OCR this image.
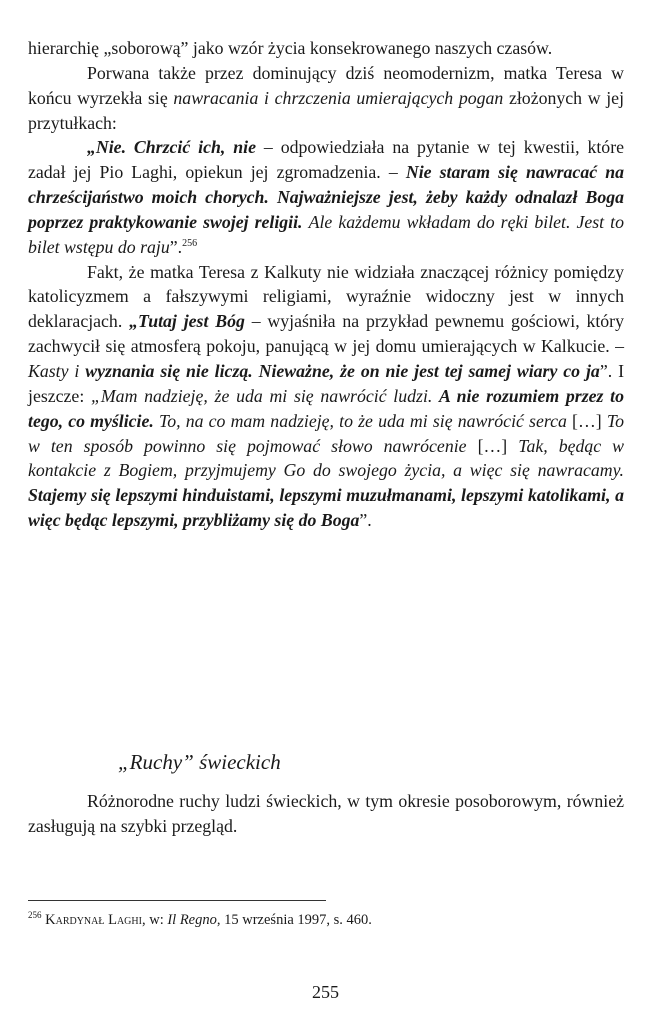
hierarchię „soborową” jako wzór życia konsekrowanego naszych czasów.

Porwana także przez dominujący dziś neomodernizm, matka Teresa w końcu wyrzekła się nawracania i chrzczenia umierających pogan złożonych w jej przytułkach:

„Nie. Chrzcić ich, nie – odpowiedziała na pytanie w tej kwestii, które zadał jej Pio Laghi, opiekun jej zgromadzenia. – Nie staram się nawracać na chrześcijaństwo moich chorych. Najważniejsze jest, żeby każdy odnalazł Boga poprzez praktykowanie swojej religii. Ale każdemu wkładam do ręki bilet. Jest to bilet wstępu do raju”.$^{256}$

Fakt, że matka Teresa z Kalkuty nie widziała znaczącej różnicy pomiędzy katolicyzmem a fałszywymi religiami, wyraźnie widoczny jest w innych deklaracjach. „Tutaj jest Bóg – wyjaśniła na przykład pewnemu gościowi, który zachwycił się atmosferą pokoju, panującą w jej domu umierających w Kalkucie. – Kasty i wyznania się nie liczą. Nieważne, że on nie jest tej samej wiary co ja”. I jeszcze: „Mam nadzieję, że uda mi się nawrócić ludzi. A nie rozumiem przez to tego, co myślicie. To, na co mam nadzieję, to że uda mi się nawrócić serca […] To w ten sposób powinno się pojmować słowo nawrócenie […] Tak, będąc w kontakcie z Bogiem, przyjmujemy Go do swojego życia, a więc się nawracamy. Stajemy się lepszymi hinduistami, lepszymi muzułmanami, lepszymi katolikami, a więc będąc lepszymi, przybliżamy się do Boga”.

„Ruchy” świeckich

Różnorodne ruchy ludzi świeckich, w tym okresie posoborowym, również zasługują na szybki przegląd.

$^{256}$ Kardynał Laghi, w: Il Regno, 15 września 1997, s. 460.

255
